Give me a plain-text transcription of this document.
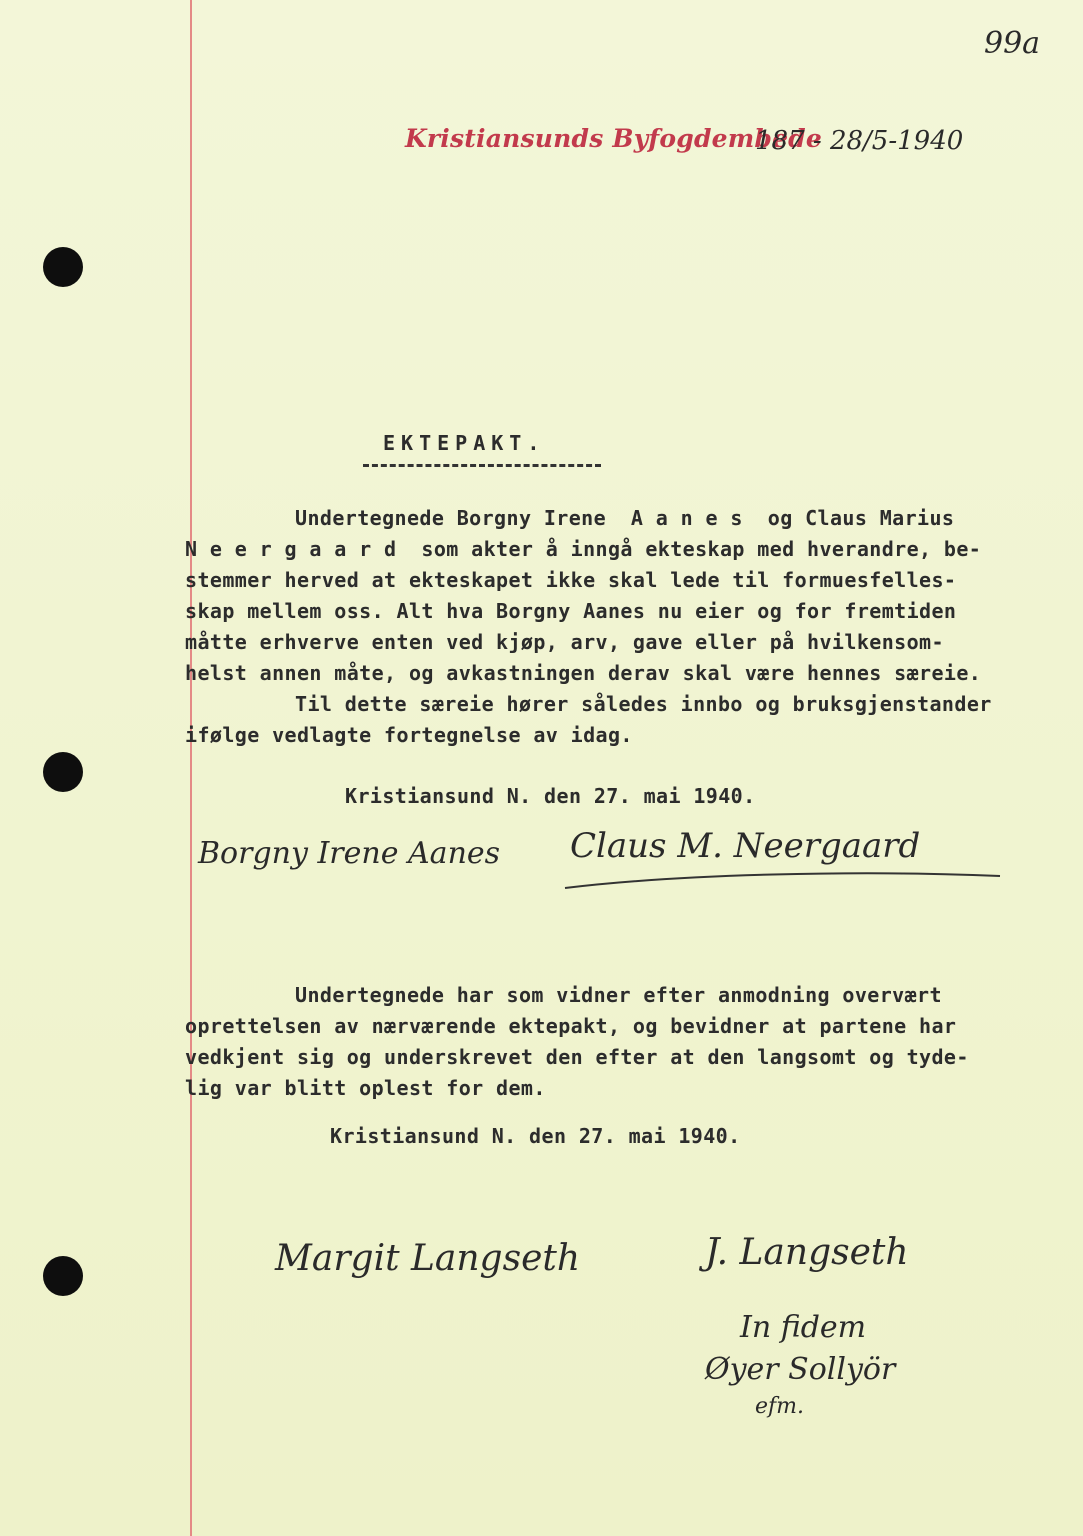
99a
Kristiansunds Byfogdembede
187 - 28/5-1940
EKTEPAKT.
Undertegnede Borgny Irene  A a n e s  og Claus Marius
N e e r g a a r d  som akter å inngå ekteskap med hverandre, be-
stemmer herved at ekteskapet ikke skal lede til formuesfelles-
skap mellem oss. Alt hva Borgny Aanes nu eier og for fremtiden
måtte erhverve enten ved kjøp, arv, gave eller på hvilkensom-
helst annen måte, og avkastningen derav skal være hennes særeie.
Til dette særeie hører således innbo og bruksgjenstander
ifølge vedlagte fortegnelse av idag.
Kristiansund N. den 27. mai 1940.
Borgny Irene Aanes Claus M. Neergaard
Undertegnede har som vidner efter anmodning overvært
oprettelsen av nærværende ektepakt, og bevidner at partene har
vedkjent sig og underskrevet den efter at den langsomt og tyde-
lig var blitt oplest for dem.
Kristiansund N. den 27. mai 1940.
Margit Langseth	J. Langseth
In fidem
Øyer Sollyör
efm.
